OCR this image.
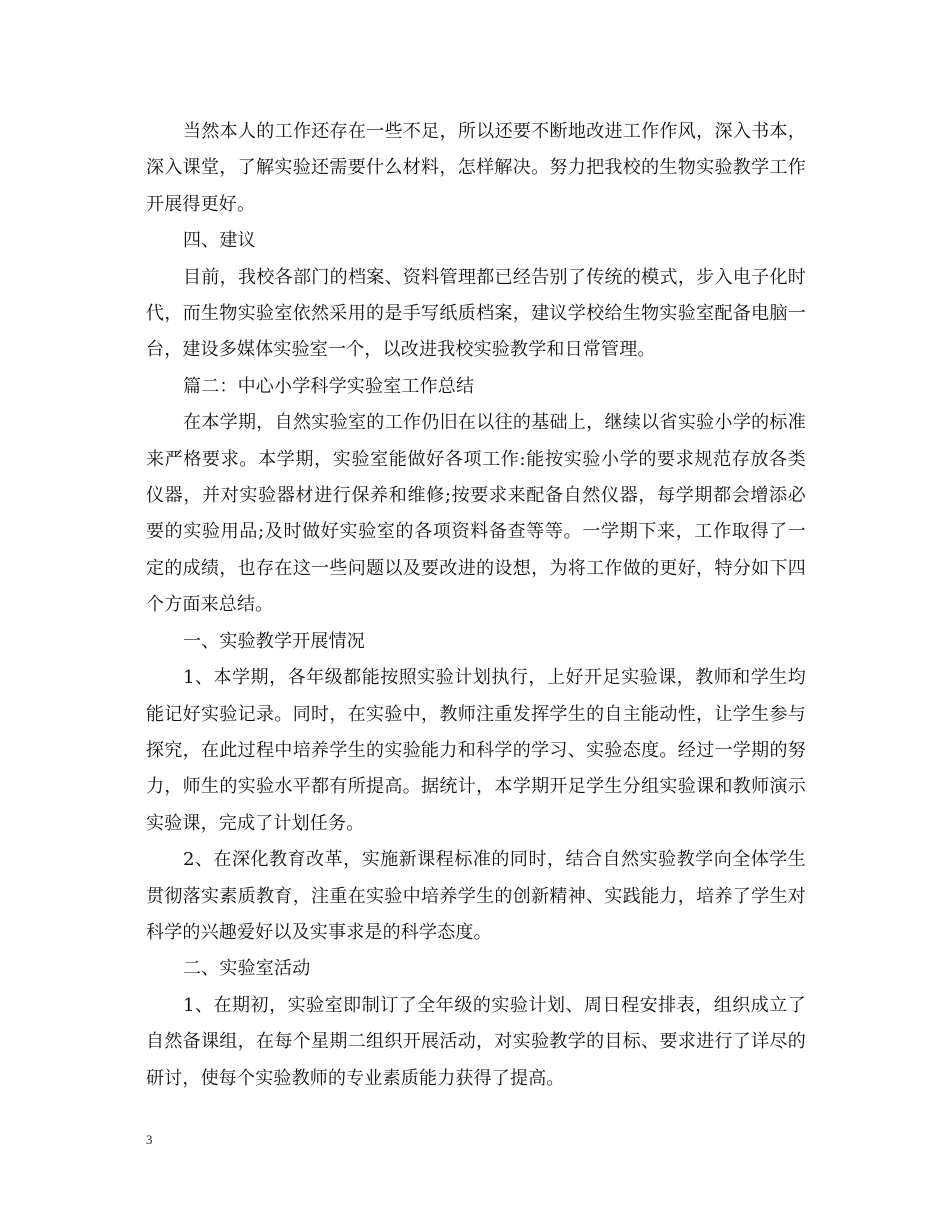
当然本人的工作还存在一些不足，所以还要不断地改进工作作风，深入书本，深入课堂，了解实验还需要什么材料，怎样解决。努力把我校的生物实验教学工作开展得更好。

四、建议

目前，我校各部门的档案、资料管理都已经告别了传统的模式，步入电子化时代，而生物实验室依然采用的是手写纸质档案，建议学校给生物实验室配备电脑一台，建设多媒体实验室一个，以改进我校实验教学和日常管理。

篇二：中心小学科学实验室工作总结

在本学期，自然实验室的工作仍旧在以往的基础上，继续以省实验小学的标准来严格要求。本学期，实验室能做好各项工作:能按实验小学的要求规范存放各类仪器，并对实验器材进行保养和维修;按要求来配备自然仪器，每学期都会增添必要的实验用品;及时做好实验室的各项资料备查等等。一学期下来，工作取得了一定的成绩，也存在这一些问题以及要改进的设想，为将工作做的更好，特分如下四个方面来总结。

一、实验教学开展情况

1、本学期，各年级都能按照实验计划执行，上好开足实验课，教师和学生均能记好实验记录。同时，在实验中，教师注重发挥学生的自主能动性，让学生参与探究，在此过程中培养学生的实验能力和科学的学习、实验态度。经过一学期的努力，师生的实验水平都有所提高。据统计，本学期开足学生分组实验课和教师演示实验课，完成了计划任务。

2、在深化教育改革，实施新课程标准的同时，结合自然实验教学向全体学生贯彻落实素质教育，注重在实验中培养学生的创新精神、实践能力，培养了学生对科学的兴趣爱好以及实事求是的科学态度。

二、实验室活动

1、在期初，实验室即制订了全年级的实验计划、周日程安排表，组织成立了自然备课组，在每个星期二组织开展活动，对实验教学的目标、要求进行了详尽的研讨，使每个实验教师的专业素质能力获得了提高。

3
